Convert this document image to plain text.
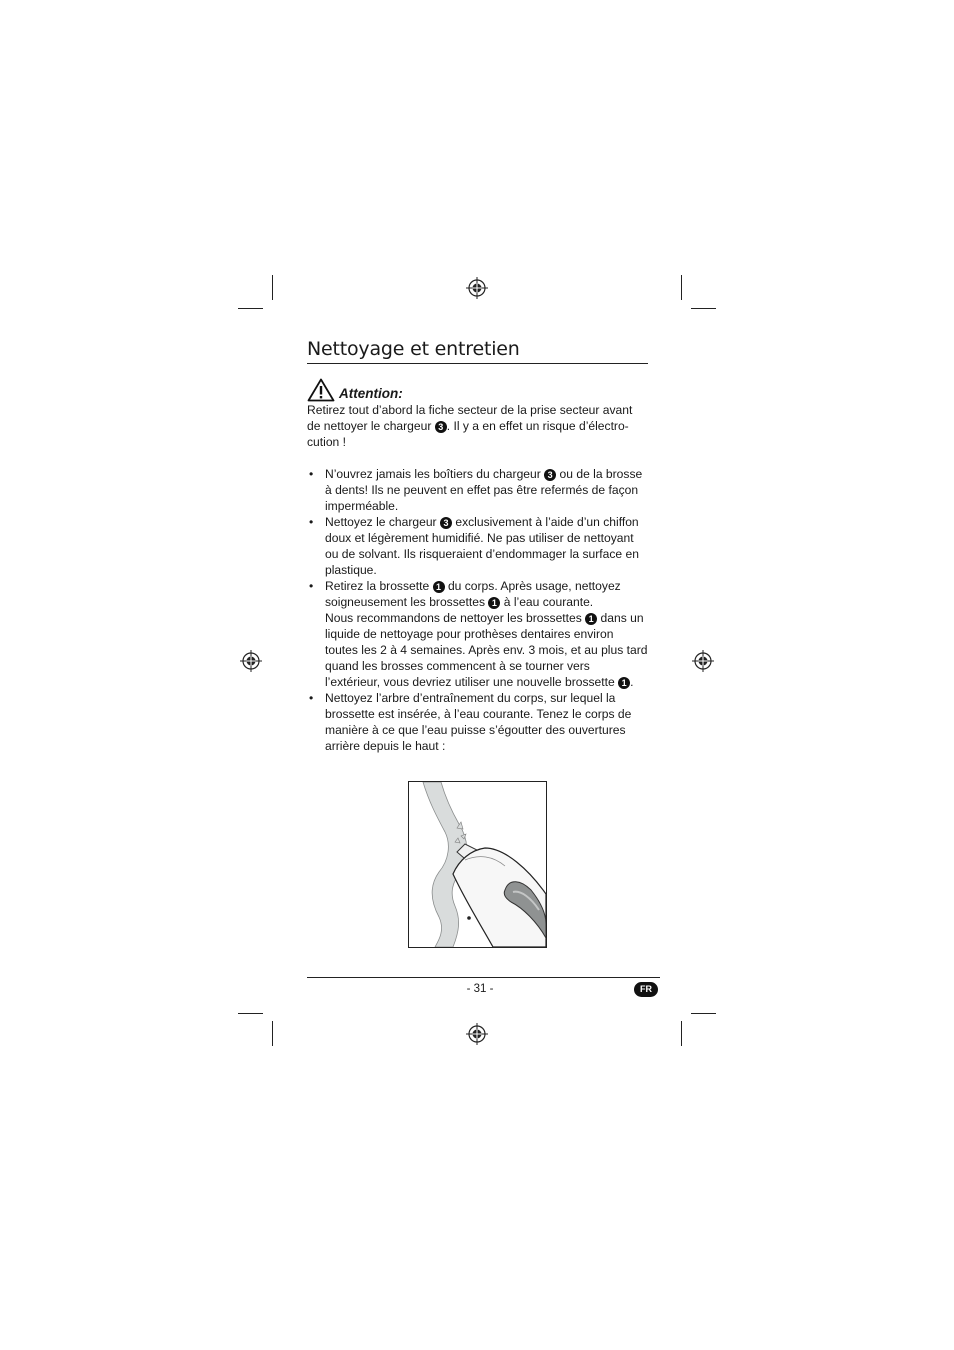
Nettoyage et entretien
Attention:

Retirez tout d’abord la fiche secteur de la prise secteur avant de nettoyer le chargeur 3 . Il y a en effet un risque d’électro-cution !

• N’ouvrez jamais les boîtiers du chargeur 3 ou de la brosse à dents! Ils ne peuvent en effet pas être refermés de façon imperméable.
• Nettoyez le chargeur 3 exclusivement à l’aide d’un chiffon doux et légèrement humidifié. Ne pas utiliser de nettoyant ou de solvant. Ils risqueraient d’endommager la surface en plastique.
• Retirez la brossette 1 du corps. Après usage, nettoyez soigneusement les brossettes 1 à l’eau courante.
Nous recommandons de nettoyer les brossettes 1 dans un liquide de nettoyage pour prothèses dentaires environ toutes les 2 à 4 semaines. Après env. 3 mois, et au plus tard quand les brosses commencent à se tourner vers l’extérieur, vous devriez utiliser une nouvelle brossette 1 .
• Nettoyez l’arbre d’entraînement du corps, sur lequel la brossette est insérée, à l’eau courante. Tenez le corps de manière à ce que l’eau puisse s’égoutter des ouvertures arrière depuis le haut :
- 31 -	FR
